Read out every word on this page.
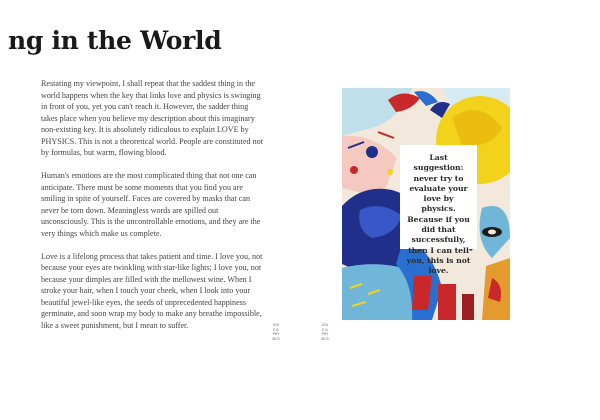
ng in the World

Restating my viewpoint, I shall repeat that the saddest thing in the world happens when the key that links love and physics is swinging in front of you, yet you can't reach it. However, the sadder thing takes place when you believe my description about this imaginary non-existing key. It is absolutely ridiculous to explain LOVE by PHYSICS. This is not a theoretical world. People are constituted not by formulas, but warm, flowing blood.

Human's emotions are the most complicated thing that not one can anticipate. There must be some moments that you find you are smiling in spite of yourself. Faces are covered by masks that can never be torn down. Meaningless words are spilled out unconsciously. This is the uncontrollable emotions, and they are the very things which make us complete.

Love is a lifelong process that takes patient and time. I love you, not because your eyes are twinkling with star-like lights; I love you, not because your dimples are filled with the mellowest wine. When I stroke your hair, when I touch your cheek, when I look into your beautiful jewel-like eyes, the seeds of unprecedented happiness germinate, and soon wrap my body to make any breathe impossible, like a sweet punishment, but I mean to suffer.	LOVE & PHYSICS
LOVE & PHYSICS
Last suggestion: never try to evaluate your love by physics. Because if you did that successfully, then I can tell you, this is not love.
